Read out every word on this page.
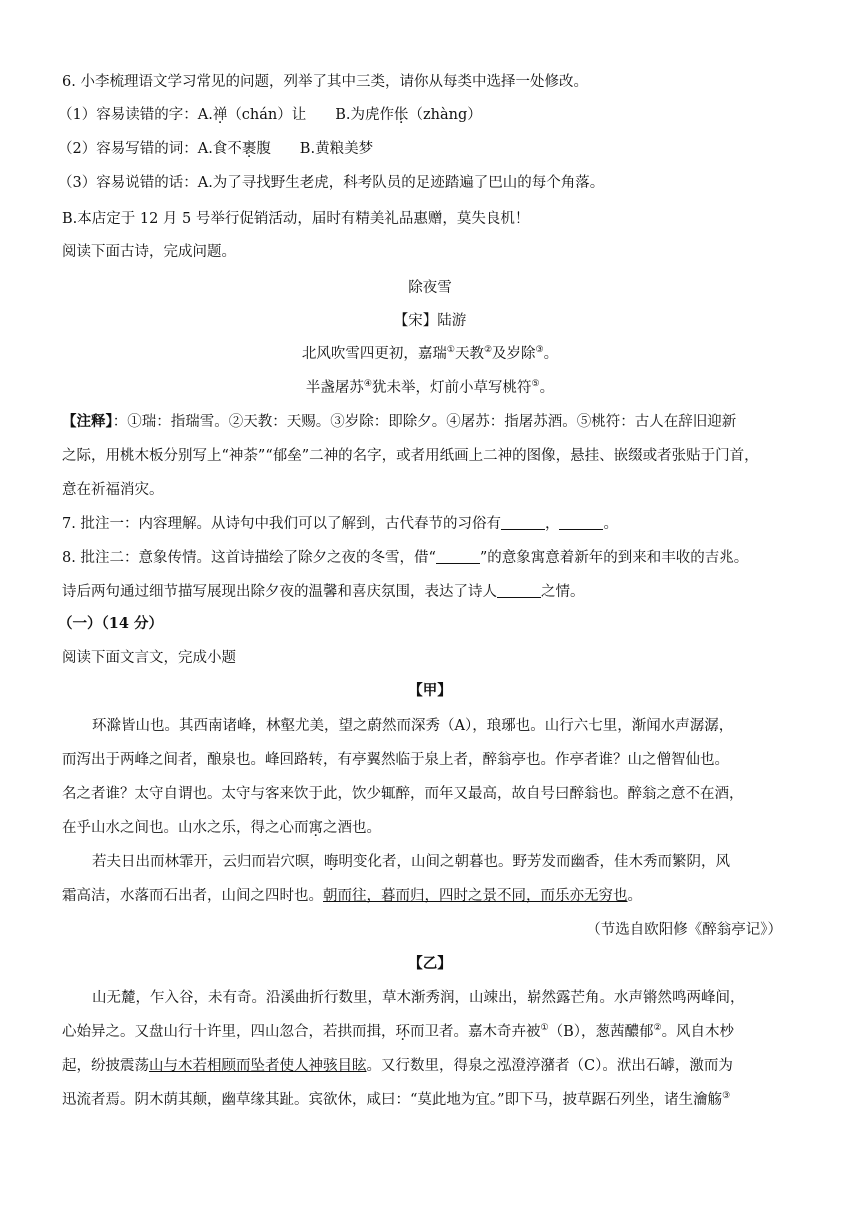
6. 小李梳理语文学习常见的问题，列举了其中三类，请你从每类中选择一处修改。
（1）容易读错的字：A.禅（chán）让　　B.为虎作伥（zhàng）
（2）容易写错的词：A.食不裹腹　　B.黄粮美梦
（3）容易说错的话：A.为了寻找野生老虎，科考队员的足迹踏遍了巴山的每个角落。
B.本店定于 12 月 5 号举行促销活动，届时有精美礼品惠赠，莫失良机！
阅读下面古诗，完成问题。
除夜雪
【宋】陆游
北风吹雪四更初，嘉瑞①天教②及岁除③。
半盏屠苏④犹未举，灯前小草写桃符⑤。
【注释】：①瑞：指瑞雪。②天教：天赐。③岁除：即除夕。④屠苏：指屠苏酒。⑤桃符：古人在辞旧迎新
之际，用桃木板分别写上“神荼”“郁垒”二神的名字，或者用纸画上二神的图像，悬挂、嵌缀或者张贴于门首，
意在祈福消灾。
7. 批注一：内容理解。从诗句中我们可以了解到，古代春节的习俗有	，	。
8. 批注二：意象传情。这首诗描绘了除夕之夜的冬雪，借“	”的意象寓意着新年的到来和丰收的吉兆。
诗后两句通过细节描写展现出除夕夜的温馨和喜庆氛围，表达了诗人	之情。
（一）（14 分）
阅读下面文言文，完成小题
【甲】
环滁皆山也。其西南诸峰，林壑尤美，望之蔚然而深秀（A），琅琊也。山行六七里，渐闻水声潺潺，
而泻出于两峰之间者，酿泉也。峰回路转，有亭翼然临于泉上者，醉翁亭也。作亭者谁？山之僧智仙也。
名之者谁？太守自谓也。太守与客来饮于此，饮少辄醉，而年又最高，故自号曰醉翁也。醉翁之意不在酒，
在乎山水之间也。山水之乐，得之心而寓之酒也。
若夫日出而林霏开，云归而岩穴暝，晦明变化者，山间之朝暮也。野芳发而幽香，佳木秀而繁阴，风
霜高洁，水落而石出者，山间之四时也。朝而往，暮而归，四时之景不同，而乐亦无穷也。
（节选自欧阳修《醉翁亭记》）
【乙】
山无麓，乍入谷，未有奇。沿溪曲折行数里，草木渐秀润，山竦出，崭然露芒角。水声锵然鸣两峰间，
心始异之。又盘山行十许里，四山忽合，若拱而揖，环而卫者。嘉木奇卉被①（B），葱茜醲郁②。风自木杪
起，纷披震荡山与木若相顾而坠者使人神骇目眩。又行数里，得泉之泓澄渟潴者（C）。洑出石罅，激而为
迅流者焉。阴木荫其颠，幽草缘其趾。宾欲休，咸曰：“莫此地为宜。”即下马，披草踞石列坐，诸生瀹觞③
